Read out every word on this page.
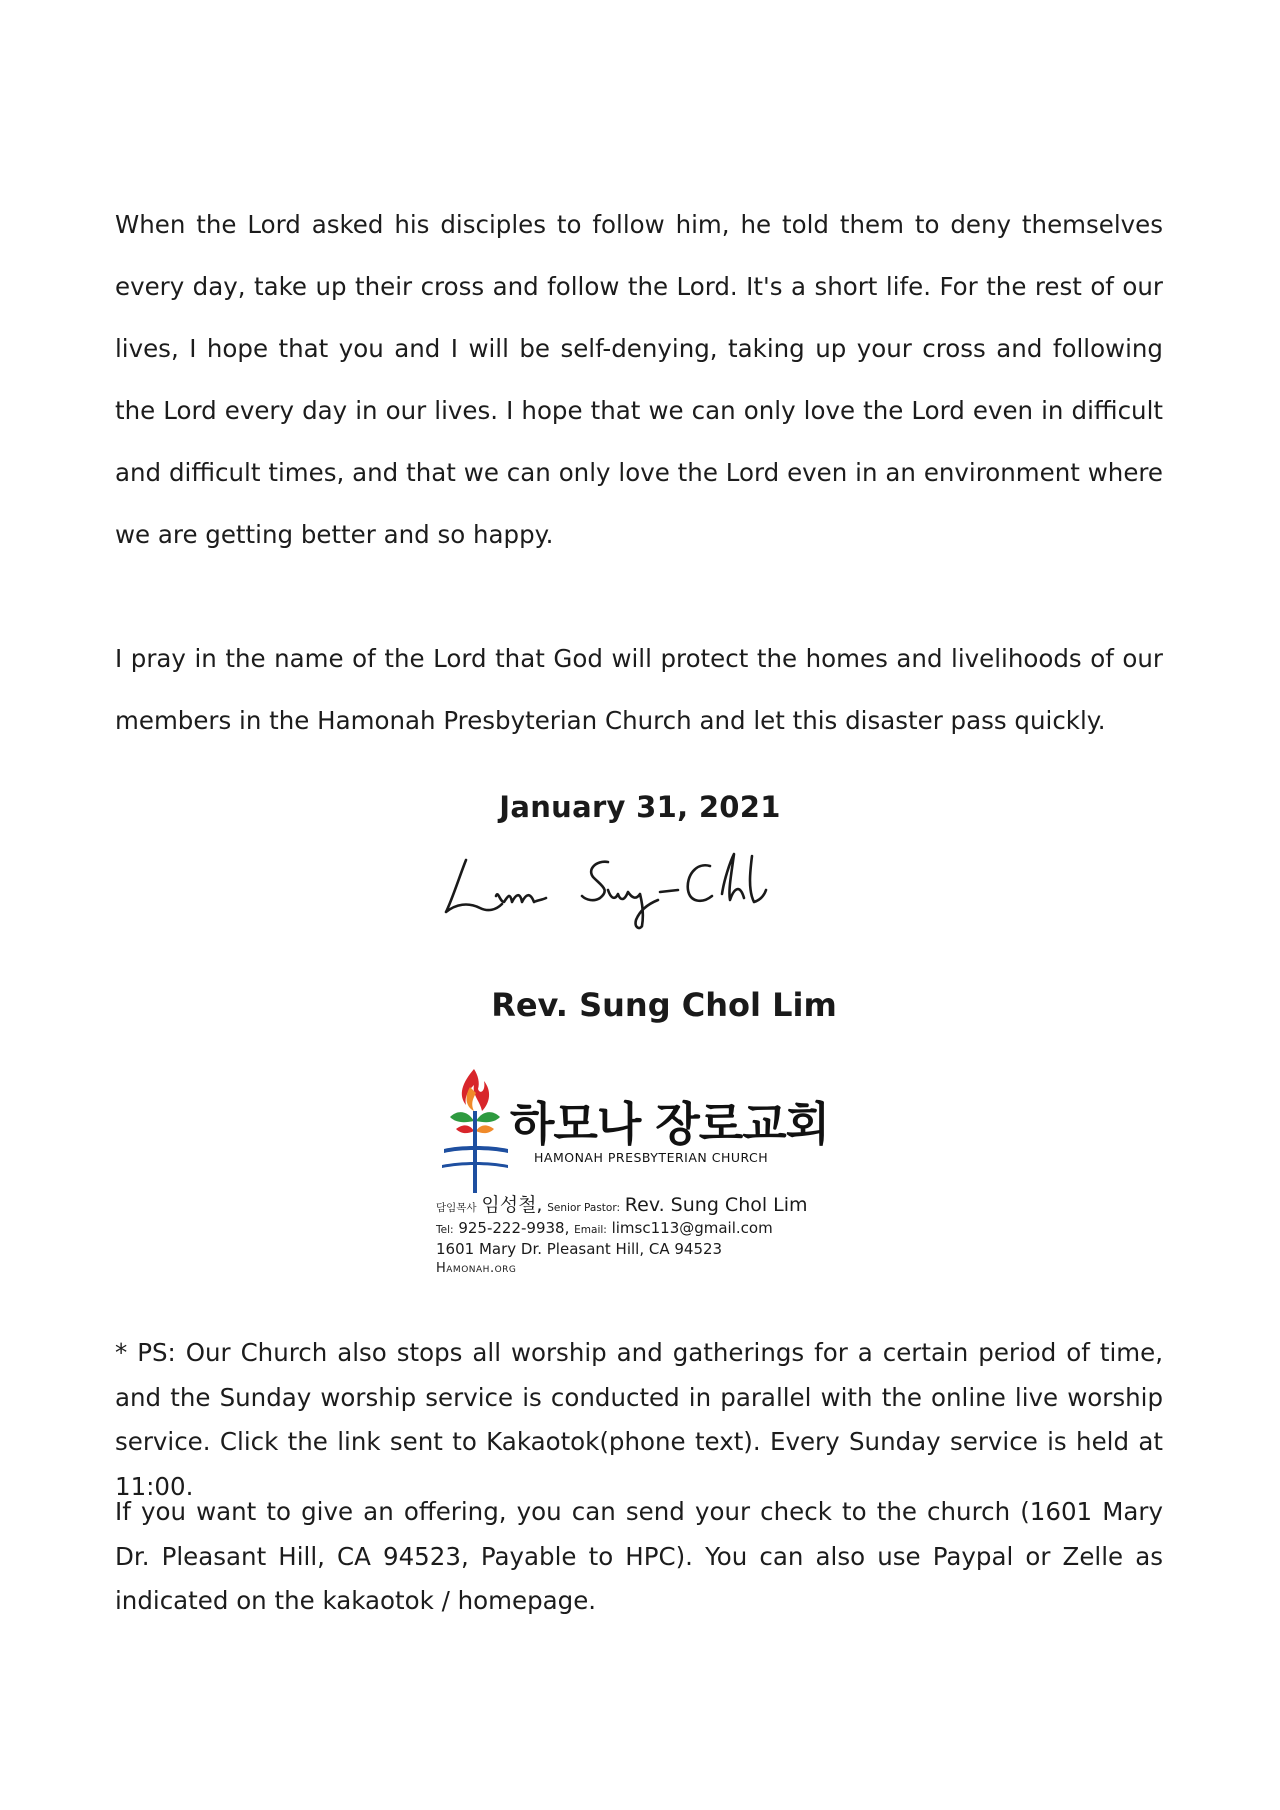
When the Lord asked his disciples to follow him, he told them to deny themselves every day, take up their cross and follow the Lord. It's a short life. For the rest of our lives, I hope that you and I will be self-denying, taking up your cross and following the Lord every day in our lives. I hope that we can only love the Lord even in difficult and difficult times, and that we can only love the Lord even in an environment where we are getting better and so happy.

I pray in the name of the Lord that God will protect the homes and livelihoods of our members in the Hamonah Presbyterian Church and let this disaster pass quickly.

January 31, 2021
Rev. Sung Chol Lim
하모나 장로교회
HAMONAH PRESBYTERIAN CHURCH
담임목사 임성철, Senior Pastor: Rev. Sung Chol Lim
Tel: 925-222-9938, Email: limsc113@gmail.com
1601 Mary Dr. Pleasant Hill, CA 94523
Hamonah.org

* PS: Our Church also stops all worship and gatherings for a certain period of time, and the Sunday worship service is conducted in parallel with the online live worship service. Click the link sent to Kakaotok(phone text). Every Sunday service is held at 11:00.

If you want to give an offering, you can send your check to the church (1601 Mary Dr. Pleasant Hill, CA 94523, Payable to HPC). You can also use Paypal or Zelle as indicated on the kakaotok / homepage.
